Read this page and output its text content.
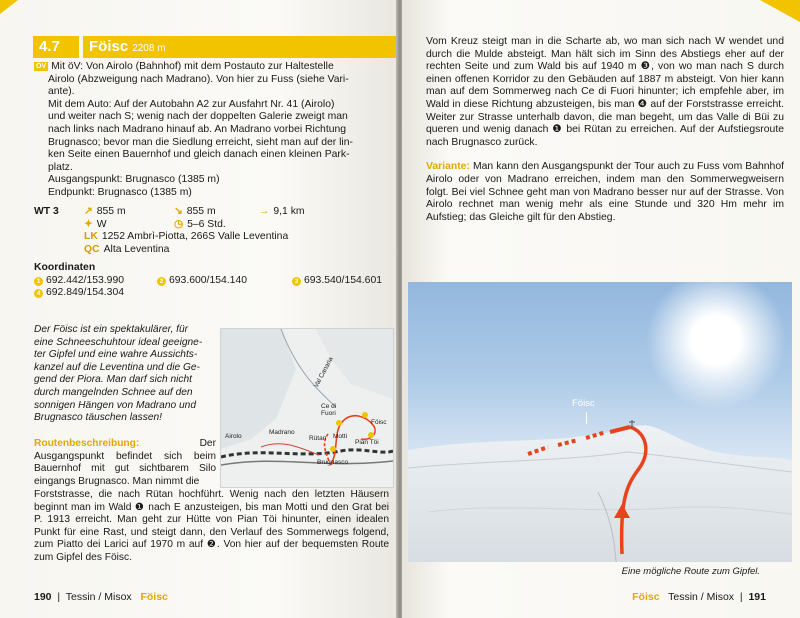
4.7	Föisc 2208 m

ÖV Mit öV: Von Airolo (Bahnhof) mit dem Postauto zur Haltestelle

Airolo (Abzweigung nach Madrano). Von hier zu Fuss (siehe Vari-

ante).

Mit dem Auto: Auf der Autobahn A2 zur Ausfahrt Nr. 41 (Airolo)

und weiter nach S; wenig nach der doppelten Galerie zweigt man

nach links nach Madrano hinauf ab. An Madrano vorbei Richtung

Brugnasco; bevor man die Siedlung erreicht, sieht man auf der lin-

ken Seite einen Bauernhof und gleich danach einen kleinen Park-

platz.

Ausgangspunkt: Brugnasco (1385 m)

Endpunkt: Brugnasco (1385 m)

WT 3	↗ 855 m	↘ 855 m	→ 9,1 km
✦ W	◷ 5–6 Std.
LK 1252 Ambrì-Piotta, 266S Valle Leventina
QC Alta Leventina
Koordinaten
1 692.442/153.990	2 693.600/154.140	3 693.540/154.601
4 692.849/154.304
Der Föisc ist ein spektakulärer, für
eine Schneeschuhtour ideal geeigne-
ter Gipfel und eine wahre Aussichts-
kanzel auf die Leventina und die Ge-
gend der Piora. Man darf sich nicht
durch mangelnden Schnee auf den
sonnigen Hängen von Madrano und
Brugnasco täuschen lassen!
Routenbeschreibung:	Der Ausgangspunkt befindet sich beim Bauernhof mit gut sichtbarem Silo eingangs Brugnasco. Man nimmt die
Forststrasse, die nach Rütan hochführt. Wenig nach den letzten Häusern beginnt man im Wald ❶ nach E anzusteigen, bis man Motti und den Grat bei P. 1913 erreicht. Man geht zur Hütte von Pian Töi hinunter, einen idealen Punkt für eine Rast, und steigt dann, den Verlauf des Sommerwegs folgend, zum Piatto dei Larici auf 1970 m auf ❷. Von hier auf der bequemsten Route zum Gipfel des Föisc.
Val Canaria
Airolo
Madrano
Rütan Motti
Brugnasco
Ce di Fuori
Pian Töi
Föisc
190  |  Tessin / Misox Föisc

Vom Kreuz steigt man in die Scharte ab, wo man sich nach W wendet und durch die Mulde absteigt. Man hält sich im Sinn des Abstiegs eher auf der rechten Seite und zum Wald bis auf 1940 m ❸, von wo man nach S durch einen offenen Korridor zu den Gebäuden auf 1887 m absteigt. Von hier kann man auf dem Sommerweg nach Ce di Fuori hinunter; ich empfehle aber, im Wald in diese Richtung abzusteigen, bis man ❹ auf der Forststrasse erreicht. Weiter zur Strasse unterhalb davon, die man begeht, um das Valle di Büi zu queren und wenig danach ❶ bei Rütan zu erreichen. Auf der Aufstiegsroute nach Brugnasco zurück.

Variante: Man kann den Ausgangspunkt der Tour auch zu Fuss vom Bahnhof Airolo oder von Madrano erreichen, indem man den Sommerwegweisern folgt. Bei viel Schnee geht man von Madrano besser nur auf der Strasse. Von Airolo rechnet man wenig mehr als eine Stunde und 320 Hm mehr im Aufstieg; das Gleiche gilt für den Abstieg.

Föisc
Eine mögliche Route zum Gipfel.
Föisc Tessin / Misox  |  191
